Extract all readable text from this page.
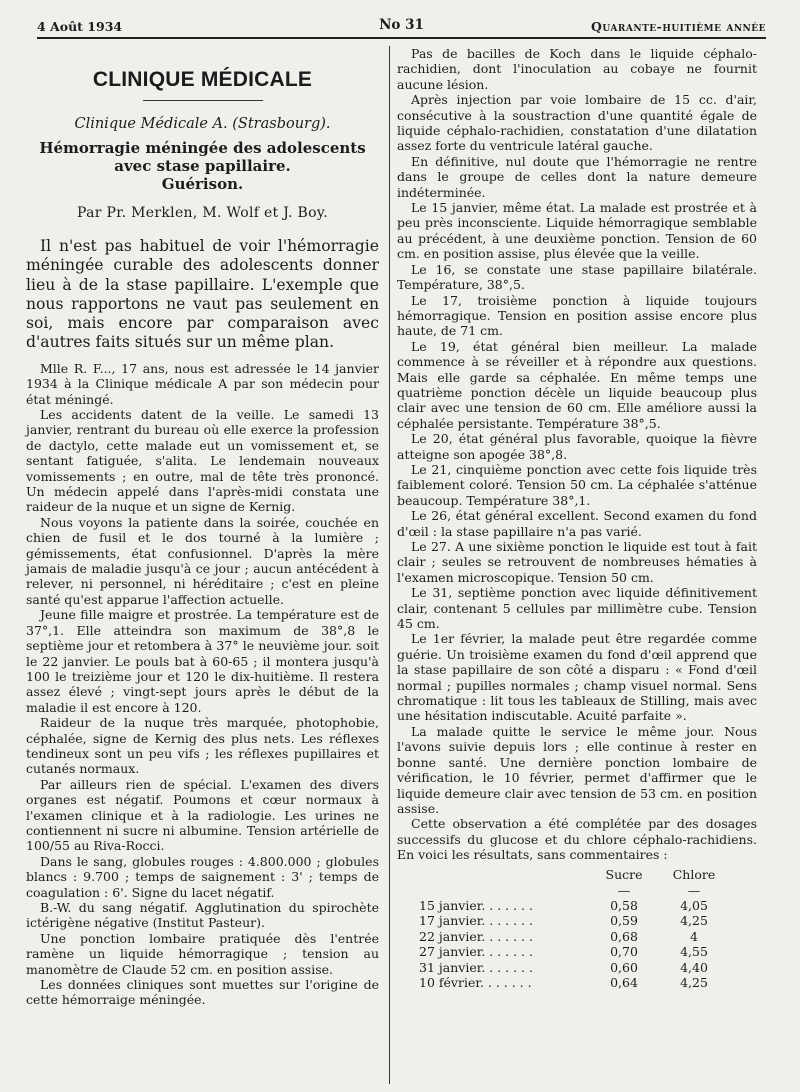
4 Août 1934	No 31	Quarante-huitième année
CLINIQUE MÉDICALE
Clinique Médicale A. (Strasbourg).
Hémorragie méningée des adolescents
avec stase papillaire.
Guérison.
Par Pr. Merklen, M. Wolf et J. Boy.

Il n'est pas habituel de voir l'hémorragie méningée curable des adolescents donner lieu à de la stase papillaire. L'exemple que nous rapportons ne vaut pas seulement en soi, mais encore par comparaison avec d'autres faits situés sur un même plan.

Mlle R. F..., 17 ans, nous est adressée le 14 janvier 1934 à la Clinique médicale A par son médecin pour état méningé.

Les accidents datent de la veille. Le samedi 13 janvier, rentrant du bureau où elle exerce la profession de dactylo, cette malade eut un vomissement et, se sentant fatiguée, s'alita. Le lendemain nouveaux vomissements ; en outre, mal de tête très prononcé. Un médecin appelé dans l'après-midi constata une raideur de la nuque et un signe de Kernig.

Nous voyons la patiente dans la soirée, couchée en chien de fusil et le dos tourné à la lumière ; gémissements, état confusionnel. D'après la mère jamais de maladie jusqu'à ce jour ; aucun antécédent à relever, ni personnel, ni héréditaire ; c'est en pleine santé qu'est apparue l'affection actuelle.

Jeune fille maigre et prostrée. La température est de 37°,1. Elle atteindra son maximum de 38°,8 le septième jour et retombera à 37° le neuvième jour. soit le 22 janvier. Le pouls bat à 60-65 ; il montera jusqu'à 100 le treizième jour et 120 le dix-huitième. Il restera assez élevé ; vingt-sept jours après le début de la maladie il est encore à 120.

Raideur de la nuque très marquée, photophobie, céphalée, signe de Kernig des plus nets. Les réflexes tendineux sont un peu vifs ; les réflexes pupillaires et cutanés normaux.

Par ailleurs rien de spécial. L'examen des divers organes est négatif. Poumons et cœur normaux à l'examen clinique et à la radiologie. Les urines ne contiennent ni sucre ni albumine. Tension artérielle de 100/55 au Riva-Rocci.

Dans le sang, globules rouges : 4.800.000 ; globules blancs : 9.700 ; temps de saignement : 3' ; temps de coagulation : 6'. Signe du lacet négatif.

B.-W. du sang négatif. Agglutination du spirochète ictérigène négative (Institut Pasteur).

Une ponction lombaire pratiquée dès l'entrée ramène un liquide hémorragique ; tension au manomètre de Claude 52 cm. en position assise.

Les données cliniques sont muettes sur l'origine de cette hémorraige méningée.

Pas de bacilles de Koch dans le liquide céphalo-rachidien, dont l'inoculation au cobaye ne fournit aucune lésion.

Après injection par voie lombaire de 15 cc. d'air, consécutive à la soustraction d'une quantité égale de liquide céphalo-rachidien, constatation d'une dilatation assez forte du ventricule latéral gauche.

En définitive, nul doute que l'hémorragie ne rentre dans le groupe de celles dont la nature demeure indéterminée.

Le 15 janvier, même état. La malade est prostrée et à peu près inconsciente. Liquide hémorragique semblable au précédent, à une deuxième ponction. Tension de 60 cm. en position assise, plus élevée que la veille.

Le 16, se constate une stase papillaire bilatérale. Température, 38°,5.

Le 17, troisième ponction à liquide toujours hémorragique. Tension en position assise encore plus haute, de 71 cm.

Le 19, état général bien meilleur. La malade commence à se réveiller et à répondre aux questions. Mais elle garde sa céphalée. En même temps une quatrième ponction décèle un liquide beaucoup plus clair avec une tension de 60 cm. Elle améliore aussi la céphalée persistante. Température 38°,5.

Le 20, état général plus favorable, quoique la fièvre atteigne son apogée 38°,8.

Le 21, cinquième ponction avec cette fois liquide très faiblement coloré. Tension 50 cm. La céphalée s'atténue beaucoup. Température 38°,1.

Le 26, état général excellent. Second examen du fond d'œil : la stase papillaire n'a pas varié.

Le 27. A une sixième ponction le liquide est tout à fait clair ; seules se retrouvent de nombreuses hématies à l'examen microscopique. Tension 50 cm.

Le 31, septième ponction avec liquide définitivement clair, contenant 5 cellules par millimètre cube. Tension 45 cm.

Le 1er février, la malade peut être regardée comme guérie. Un troisième examen du fond d'œil apprend que la stase papillaire de son côté a disparu : « Fond d'œil normal ; pupilles normales ; champ visuel normal. Sens chromatique : lit tous les tableaux de Stilling, mais avec une hésitation indiscutable. Acuité parfaite ».

La malade quitte le service le même jour. Nous l'avons suivie depuis lors ; elle continue à rester en bonne santé. Une dernière ponction lombaire de vérification, le 10 février, permet d'affirmer que le liquide demeure clair avec tension de 53 cm. en position assise.

Cette observation a été complétée par des dosages successifs du glucose et du chlore céphalo-rachidiens. En voici les résultats, sans commentaires :

	Sucre	Chlore
	—	—
15 janvier. . . . . . .	0,58	4,05
17 janvier. . . . . . .	0,59	4,25
22 janvier. . . . . . .	0,68	4
27 janvier. . . . . . .	0,70	4,55
31 janvier. . . . . . .	0,60	4,40
10 février. . . . . . .	0,64	4,25
